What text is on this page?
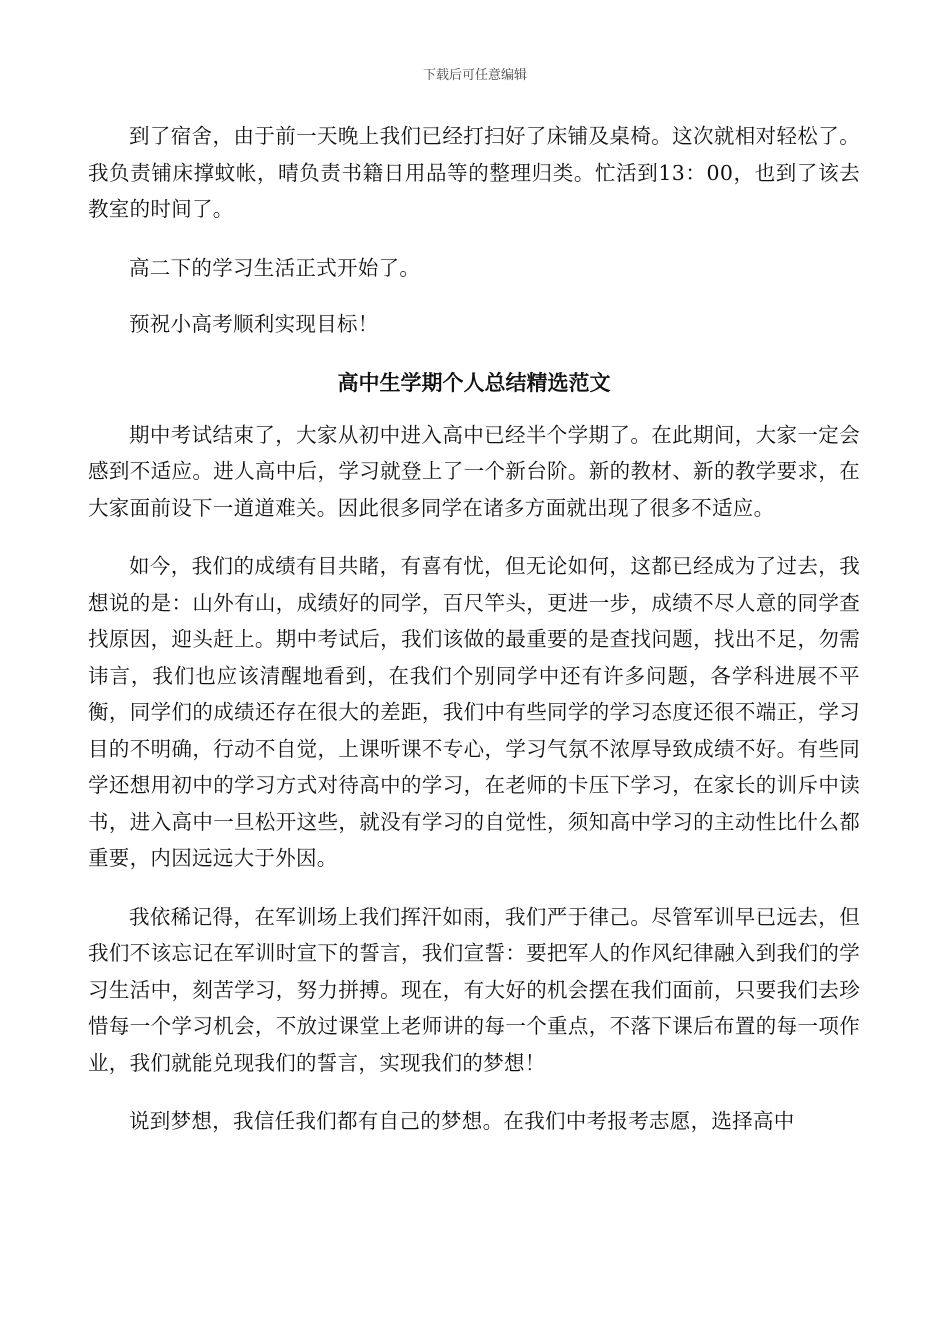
下载后可任意编辑

到了宿舍，由于前一天晚上我们已经打扫好了床铺及桌椅。这次就相对轻松了。我负责铺床撑蚊帐，晴负责书籍日用品等的整理归类。忙活到13：00，也到了该去教室的时间了。

高二下的学习生活正式开始了。

预祝小高考顺利实现目标！

高中生学期个人总结精选范文

期中考试结束了，大家从初中进入高中已经半个学期了。在此期间，大家一定会感到不适应。进人高中后，学习就登上了一个新台阶。新的教材、新的教学要求，在大家面前设下一道道难关。因此很多同学在诸多方面就出现了很多不适应。

如今，我们的成绩有目共睹，有喜有忧，但无论如何，这都已经成为了过去，我想说的是：山外有山，成绩好的同学，百尺竿头，更进一步，成绩不尽人意的同学查找原因，迎头赶上。期中考试后，我们该做的最重要的是查找问题，找出不足，勿需讳言，我们也应该清醒地看到，在我们个别同学中还有许多问题，各学科进展不平衡，同学们的成绩还存在很大的差距，我们中有些同学的学习态度还很不端正，学习目的不明确，行动不自觉，上课听课不专心，学习气氛不浓厚导致成绩不好。有些同学还想用初中的学习方式对待高中的学习，在老师的卡压下学习，在家长的训斥中读书，进入高中一旦松开这些，就没有学习的自觉性，须知高中学习的主动性比什么都重要，内因远远大于外因。

我依稀记得，在军训场上我们挥汗如雨，我们严于律己。尽管军训早已远去，但我们不该忘记在军训时宣下的誓言，我们宣誓：要把军人的作风纪律融入到我们的学习生活中，刻苦学习，努力拼搏。现在，有大好的机会摆在我们面前，只要我们去珍惜每一个学习机会，不放过课堂上老师讲的每一个重点，不落下课后布置的每一项作业，我们就能兑现我们的誓言，实现我们的梦想！

说到梦想，我信任我们都有自己的梦想。在我们中考报考志愿，选择高中
